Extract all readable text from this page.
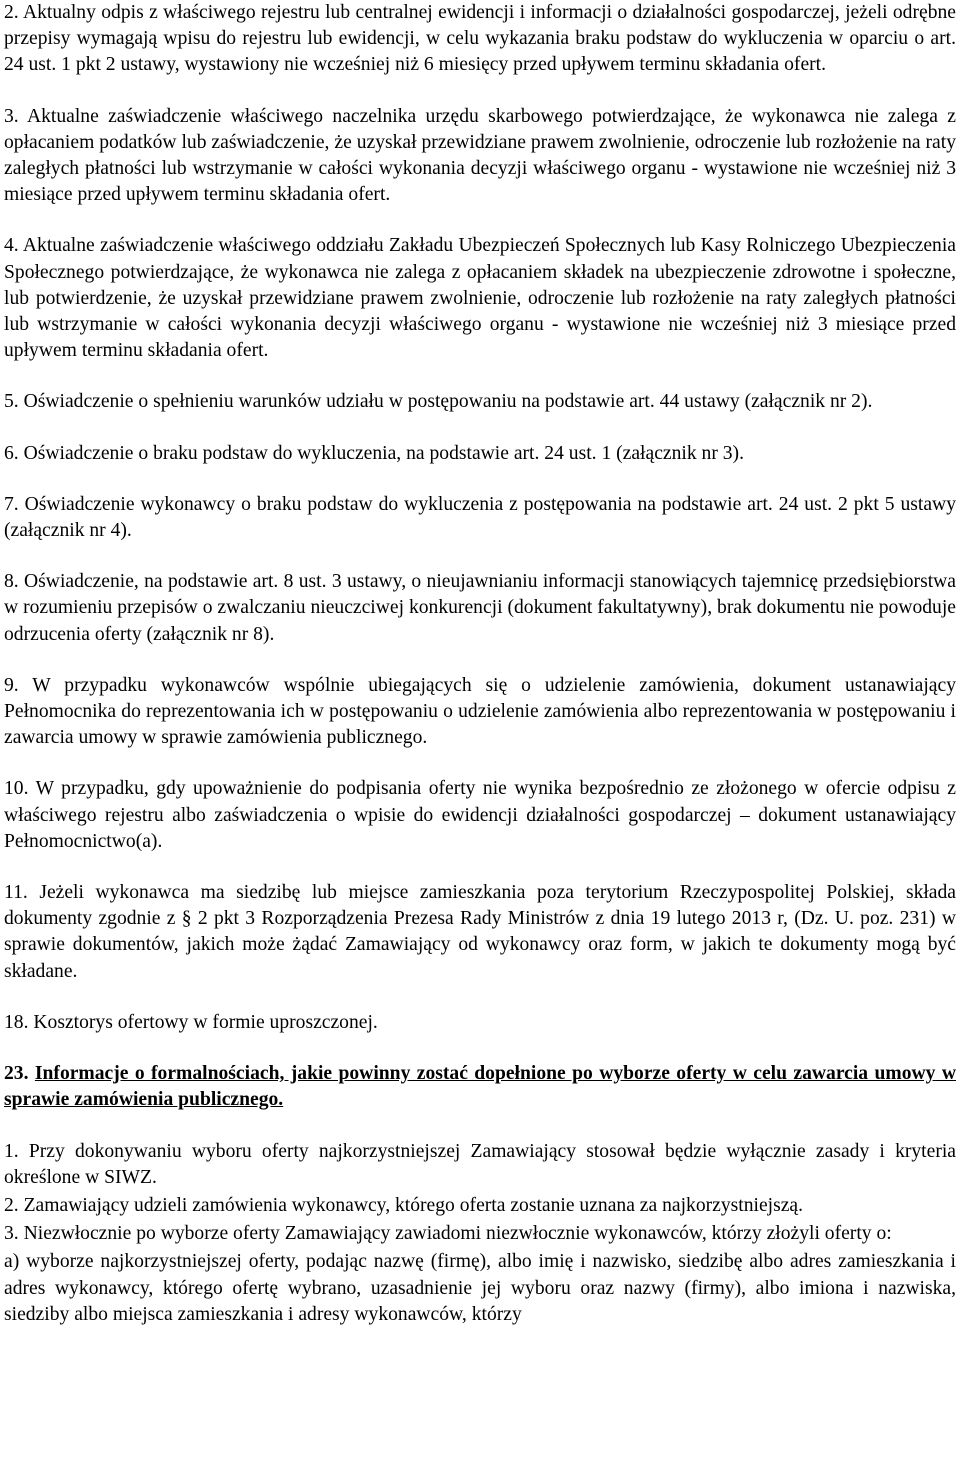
2. Aktualny odpis z właściwego rejestru lub centralnej ewidencji i informacji o działalności gospodarczej, jeżeli odrębne przepisy wymagają wpisu do rejestru lub ewidencji, w celu wykazania braku podstaw do wykluczenia w oparciu o art. 24 ust. 1 pkt 2 ustawy, wystawiony nie wcześniej niż 6 miesięcy przed upływem terminu składania ofert.

3. Aktualne zaświadczenie właściwego naczelnika urzędu skarbowego potwierdzające, że wykonawca nie zalega z opłacaniem podatków lub zaświadczenie, że uzyskał przewidziane prawem zwolnienie, odroczenie lub rozłożenie na raty zaległych płatności lub wstrzymanie w całości wykonania decyzji właściwego organu - wystawione nie wcześniej niż 3 miesiące przed upływem terminu składania ofert.

4. Aktualne zaświadczenie właściwego oddziału Zakładu Ubezpieczeń Społecznych lub Kasy Rolniczego Ubezpieczenia Społecznego potwierdzające, że wykonawca nie zalega z opłacaniem składek na ubezpieczenie zdrowotne i społeczne, lub potwierdzenie, że uzyskał przewidziane prawem zwolnienie, odroczenie lub rozłożenie na raty zaległych płatności lub wstrzymanie w całości wykonania decyzji właściwego organu - wystawione nie wcześniej niż 3 miesiące przed upływem terminu składania ofert.

5. Oświadczenie o spełnieniu warunków udziału w postępowaniu na podstawie art. 44 ustawy (załącznik nr 2).

6. Oświadczenie o braku podstaw do wykluczenia, na podstawie art. 24 ust. 1 (załącznik nr 3).

7. Oświadczenie wykonawcy o braku podstaw do wykluczenia z postępowania na podstawie art. 24 ust. 2 pkt 5 ustawy (załącznik nr 4).

8. Oświadczenie, na podstawie art. 8 ust. 3 ustawy, o nieujawnianiu informacji stanowiących tajemnicę przedsiębiorstwa w rozumieniu przepisów o zwalczaniu nieuczciwej konkurencji (dokument fakultatywny), brak dokumentu nie powoduje odrzucenia oferty (załącznik nr 8).

9. W przypadku wykonawców wspólnie ubiegających się o udzielenie zamówienia, dokument ustanawiający Pełnomocnika do reprezentowania ich w postępowaniu o udzielenie zamówienia albo reprezentowania w postępowaniu i zawarcia umowy w sprawie zamówienia publicznego.

10. W przypadku, gdy upoważnienie do podpisania oferty nie wynika bezpośrednio ze złożonego w ofercie odpisu z właściwego rejestru albo zaświadczenia o wpisie do ewidencji działalności gospodarczej – dokument ustanawiający Pełnomocnictwo(a).

11. Jeżeli wykonawca ma siedzibę lub miejsce zamieszkania poza terytorium Rzeczypospolitej Polskiej, składa dokumenty zgodnie z § 2 pkt 3 Rozporządzenia Prezesa Rady Ministrów z dnia 19 lutego 2013 r, (Dz. U. poz. 231) w sprawie dokumentów, jakich może żądać Zamawiający od wykonawcy oraz form, w jakich te dokumenty mogą być składane.

18. Kosztorys ofertowy w formie uproszczonej.

23. Informacje o formalnościach, jakie powinny zostać dopełnione po wyborze oferty w celu zawarcia umowy w sprawie zamówienia publicznego.

1. Przy dokonywaniu wyboru oferty najkorzystniejszej Zamawiający stosował będzie wyłącznie zasady i kryteria określone w SIWZ.

2. Zamawiający udzieli zamówienia wykonawcy, którego oferta zostanie uznana za najkorzystniejszą.

3. Niezwłocznie po wyborze oferty Zamawiający zawiadomi niezwłocznie wykonawców, którzy złożyli oferty o:

a) wyborze najkorzystniejszej oferty, podając nazwę (firmę), albo imię i nazwisko, siedzibę albo adres zamieszkania i adres wykonawcy, którego ofertę wybrano, uzasadnienie jej wyboru oraz nazwy (firmy), albo imiona i nazwiska, siedziby albo miejsca zamieszkania i adresy wykonawców, którzy
